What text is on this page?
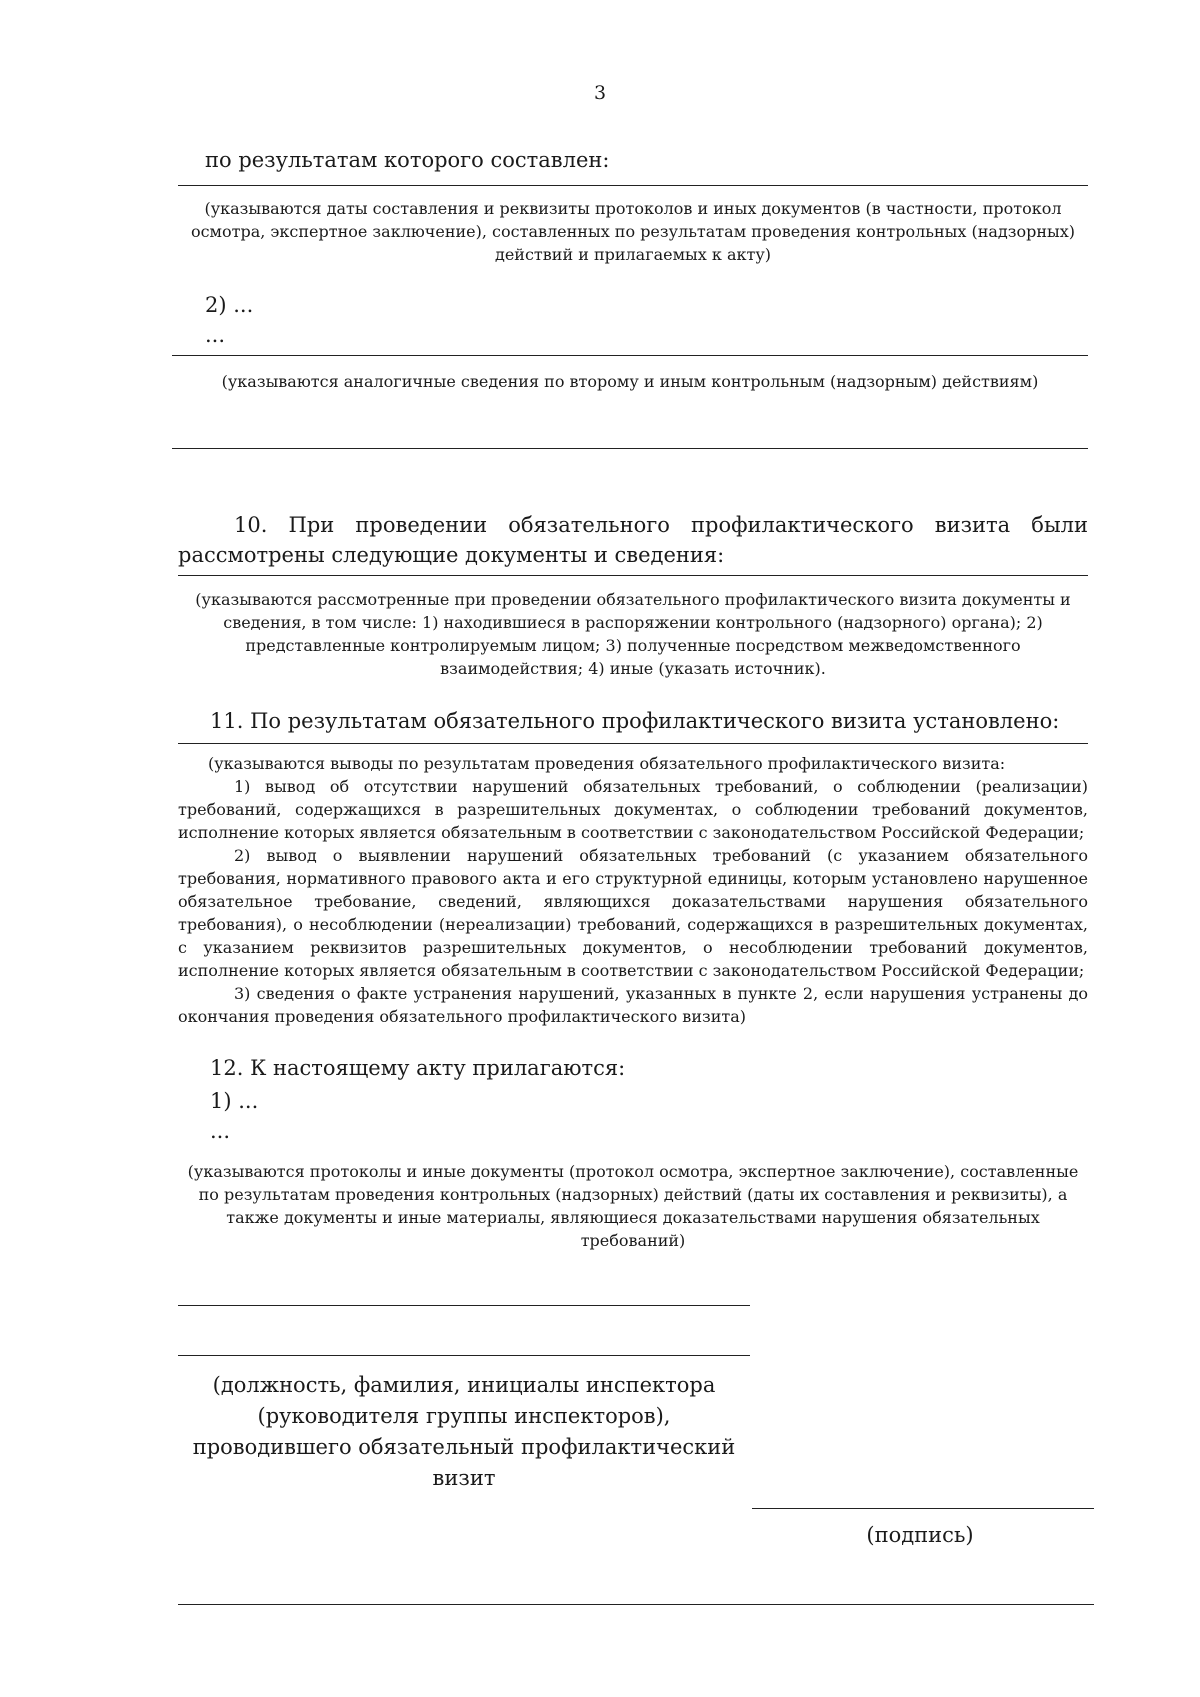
3
по результатам которого составлен:
(указываются даты составления и реквизиты протоколов и иных документов (в частности, протокол осмотра, экспертное заключение), составленных по результатам проведения контрольных (надзорных) действий и прилагаемых к акту)
2) ...
...
(указываются аналогичные сведения по второму и иным контрольным (надзорным) действиям)
10. При проведении обязательного профилактического визита были рассмотрены следующие документы и сведения:
(указываются рассмотренные при проведении обязательного профилактического визита документы и сведения, в том числе: 1) находившиеся в распоряжении контрольного (надзорного) органа); 2) представленные контролируемым лицом; 3) полученные посредством межведомственного взаимодействия; 4) иные (указать источник).
11. По результатам обязательного профилактического визита установлено:

(указываются выводы по результатам проведения обязательного профилактического визита:

1) вывод об отсутствии нарушений обязательных требований, о соблюдении (реализации) требований, содержащихся в разрешительных документах, о соблюдении требований документов, исполнение которых является обязательным в соответствии с законодательством Российской Федерации;

2) вывод о выявлении нарушений обязательных требований (с указанием обязательного требования, нормативного правового акта и его структурной единицы, которым установлено нарушенное обязательное требование, сведений, являющихся доказательствами нарушения обязательного требования), о несоблюдении (нереализации) требований, содержащихся в разрешительных документах, с указанием реквизитов разрешительных документов, о несоблюдении требований документов, исполнение которых является обязательным в соответствии с законодательством Российской Федерации;

3) сведения о факте устранения нарушений, указанных в пункте 2, если нарушения устранены до окончания проведения обязательного профилактического визита)

12. К настоящему акту прилагаются:
1) ...
...
(указываются протоколы и иные документы (протокол осмотра, экспертное заключение), составленные по результатам проведения контрольных (надзорных) действий (даты их составления и реквизиты), а также документы и иные материалы, являющиеся доказательствами нарушения обязательных требований)
(должность, фамилия, инициалы инспектора (руководителя группы инспекторов), проводившего обязательный профилактический визит
(подпись)
